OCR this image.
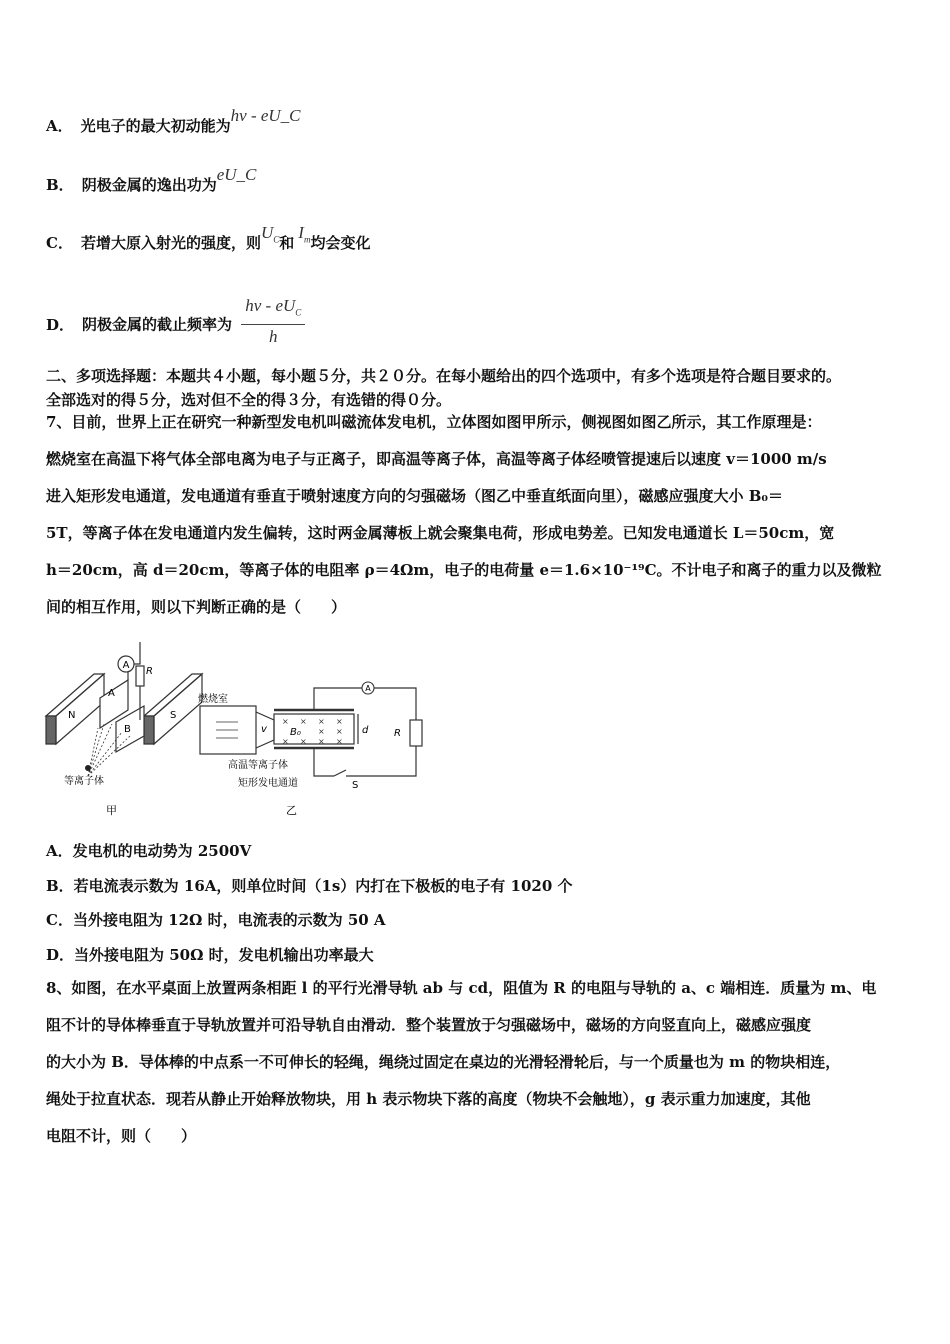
A． 光电子的最大初动能为hν - eU_C
B． 阴极金属的逸出功为eU_C
C． 若增大原入射光的强度，则$U_C$和$I_m$均会变化
D． 阴极金属的截止频率为 $\frac{h\nu - eU_C}{h}$

二、多项选择题：本题共４小题，每小题５分，共２０分。在每小题给出的四个选项中，有多个选项是符合题目要求的。

全部选对的得５分，选对但不全的得３分，有选错的得０分。

7、目前，世界上正在研究一种新型发电机叫磁流体发电机，立体图如图甲所示，侧视图如图乙所示，其工作原理是：

燃烧室在高温下将气体全部电离为电子与正离子，即高温等离子体，高温等离子体经喷管提速后以速度 v＝1000 m/s

进入矩形发电通道，发电通道有垂直于喷射速度方向的匀强磁场（图乙中垂直纸面向里），磁感应强度大小 B₀＝

5T，等离子体在发电通道内发生偏转，这时两金属薄板上就会聚集电荷，形成电势差。已知发电通道长 L＝50cm，宽

h＝20cm，高 d＝20cm，等离子体的电阻率 ρ＝4Ωm，电子的电荷量 e＝1.6×10⁻¹⁹C。不计电子和离子的重力以及微粒

间的相互作用，则以下判断正确的是（　　）

A
R
A
B
N	S
等离子体
甲
A
燃烧室
v
× × × ×
× ×
× × × ×
B₀	d	R
高温等离子体
矩形发电通道	S
乙

A．发电机的电动势为 2500V

B．若电流表示数为 16A，则单位时间（1s）内打在下极板的电子有 1020 个

C．当外接电阻为 12Ω 时，电流表的示数为 50 A

D．当外接电阻为 50Ω 时，发电机输出功率最大

8、如图，在水平桌面上放置两条相距 l 的平行光滑导轨 ab 与 cd，阻值为 R 的电阻与导轨的 a、c 端相连．质量为 m、电

阻不计的导体棒垂直于导轨放置并可沿导轨自由滑动．整个装置放于匀强磁场中，磁场的方向竖直向上，磁感应强度

的大小为 B．导体棒的中点系一不可伸长的轻绳，绳绕过固定在桌边的光滑轻滑轮后，与一个质量也为 m 的物块相连，

绳处于拉直状态．现若从静止开始释放物块，用 h 表示物块下落的高度（物块不会触地），g 表示重力加速度，其他

电阻不计，则（　　）
